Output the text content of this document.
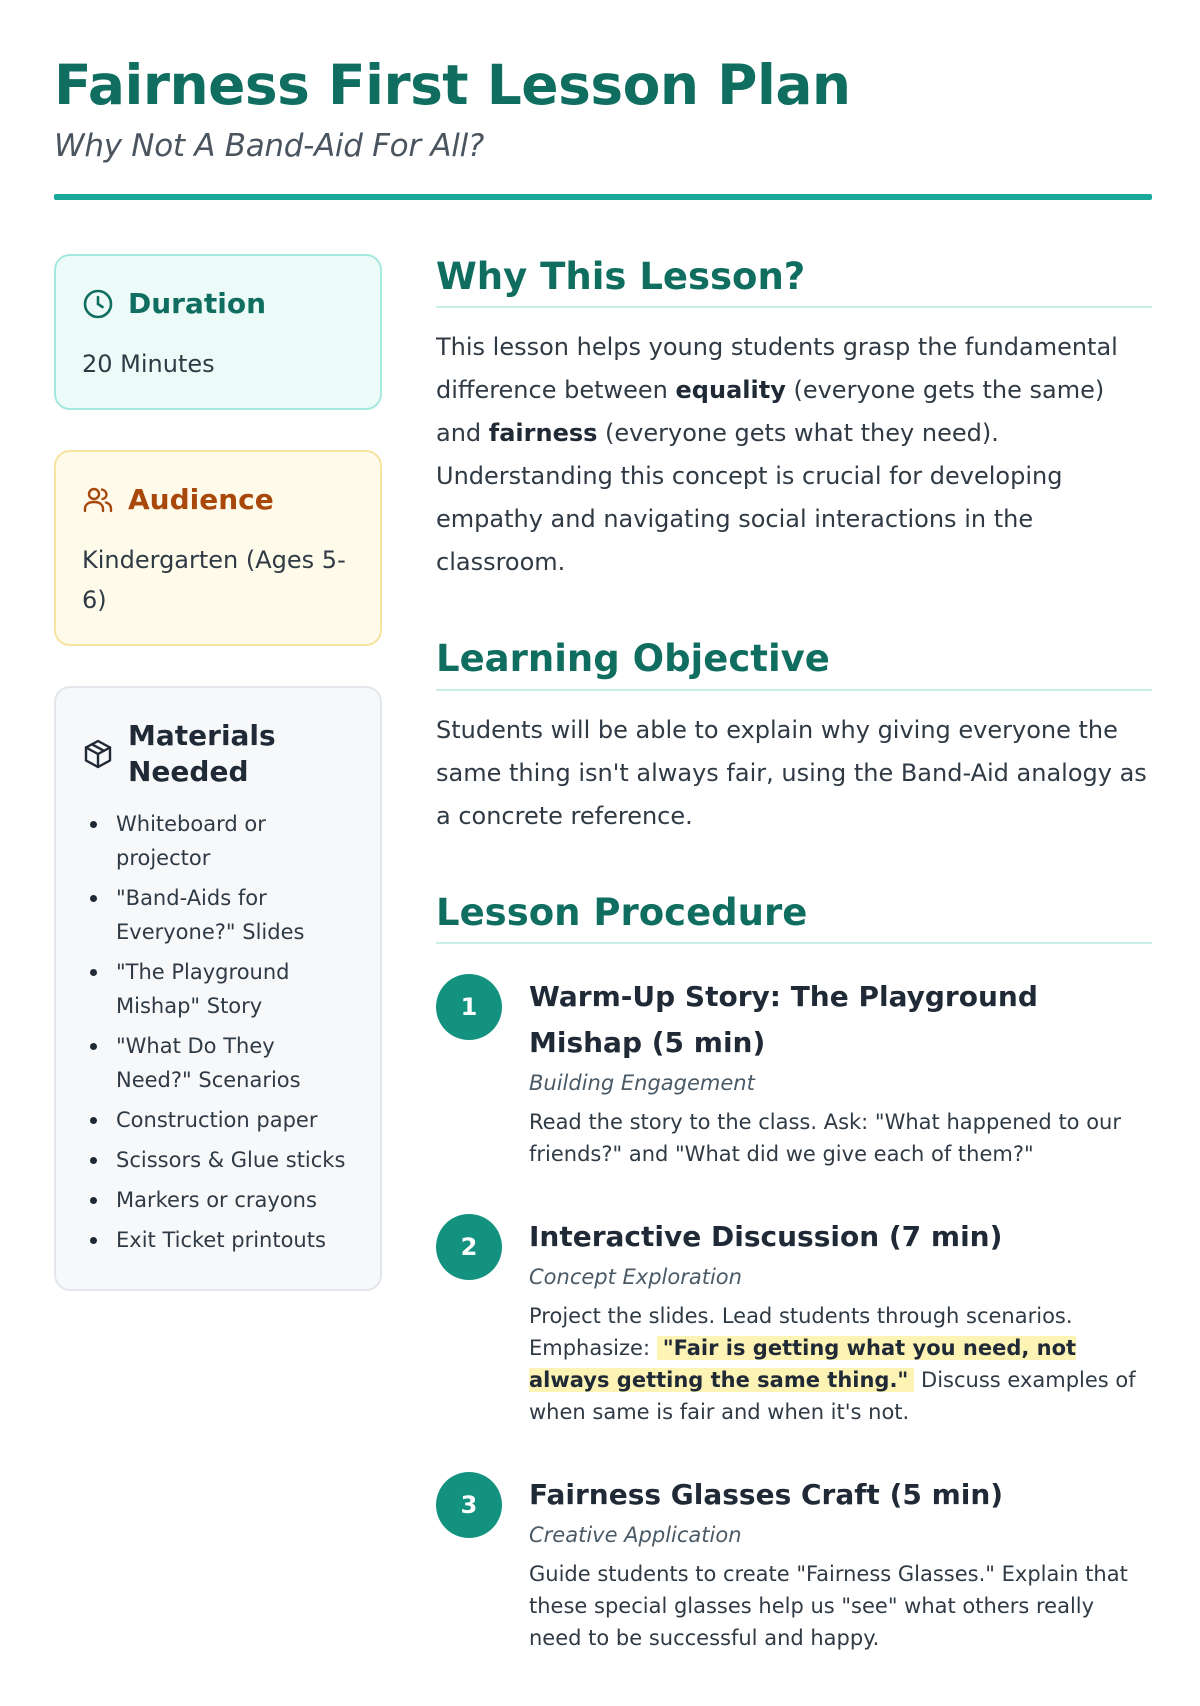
Fairness First Lesson Plan
Why Not A Band-Aid For All?
Duration
20 Minutes
Audience
Kindergarten (Ages 5-6)
Materials Needed
Whiteboard or projector
"Band-Aids for Everyone?" Slides
"The Playground Mishap" Story
"What Do They Need?" Scenarios
Construction paper
Scissors & Glue sticks
Markers or crayons
Exit Ticket printouts
Why This Lesson?

This lesson helps young students grasp the fundamental difference between equality (everyone gets the same) and fairness (everyone gets what they need). Understanding this concept is crucial for developing empathy and navigating social interactions in the classroom.

Learning Objective

Students will be able to explain why giving everyone the same thing isn't always fair, using the Band-Aid analogy as a concrete reference.

Lesson Procedure
1	Warm-Up Story: The Playground Mishap (5 min)
Building Engagement

Read the story to the class. Ask: "What happened to our friends?" and "What did we give each of them?"

2	Interactive Discussion (7 min)
Concept Exploration

Project the slides. Lead students through scenarios. Emphasize: "Fair is getting what you need, not always getting the same thing." Discuss examples of when same is fair and when it's not.

3	Fairness Glasses Craft (5 min)
Creative Application

Guide students to create "Fairness Glasses." Explain that these special glasses help us "see" what others really need to be successful and happy.
